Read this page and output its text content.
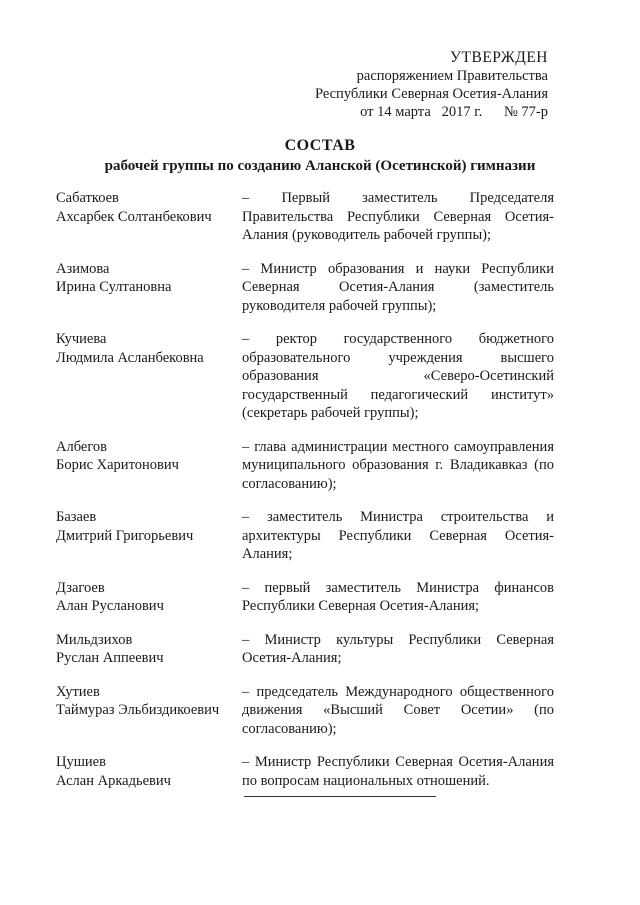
УТВЕРЖДЕН
распоряжением Правительства
Республики Северная Осетия-Алания
от 14 марта   2017 г.      № 77-р
СОСТАВ
рабочей группы по созданию Аланской (Осетинской) гимназии
Сабаткоев
Ахсарбек Солтанбекович
– Первый заместитель Председателя Правительства Республики Северная Осетия-Алания (руководитель рабочей группы);
Азимова
Ирина Султановна
– Министр образования и науки Республики Северная Осетия-Алания (заместитель руководителя рабочей группы);
Кучиева
Людмила Асланбековна
– ректор государственного бюджетного образовательного учреждения высшего образования «Северо-Осетинский государственный педагогический институт» (секретарь рабочей группы);
Албегов
Борис Харитонович
– глава администрации местного самоуправления муниципального образования г. Владикавказ (по согласованию);
Базаев
Дмитрий Григорьевич
– заместитель Министра строительства и архитектуры Республики Северная Осетия-Алания;
Дзагоев
Алан Русланович
– первый заместитель Министра финансов Республики Северная Осетия-Алания;
Мильдзихов
Руслан Аппеевич
– Министр культуры Республики Северная Осетия-Алания;
Хутиев
Таймураз Эльбиздикоевич
– председатель Международного общественного движения «Высший Совет Осетии» (по согласованию);
Цушиев
Аслан Аркадьевич
– Министр Республики Северная Осетия-Алания по вопросам национальных отношений.
